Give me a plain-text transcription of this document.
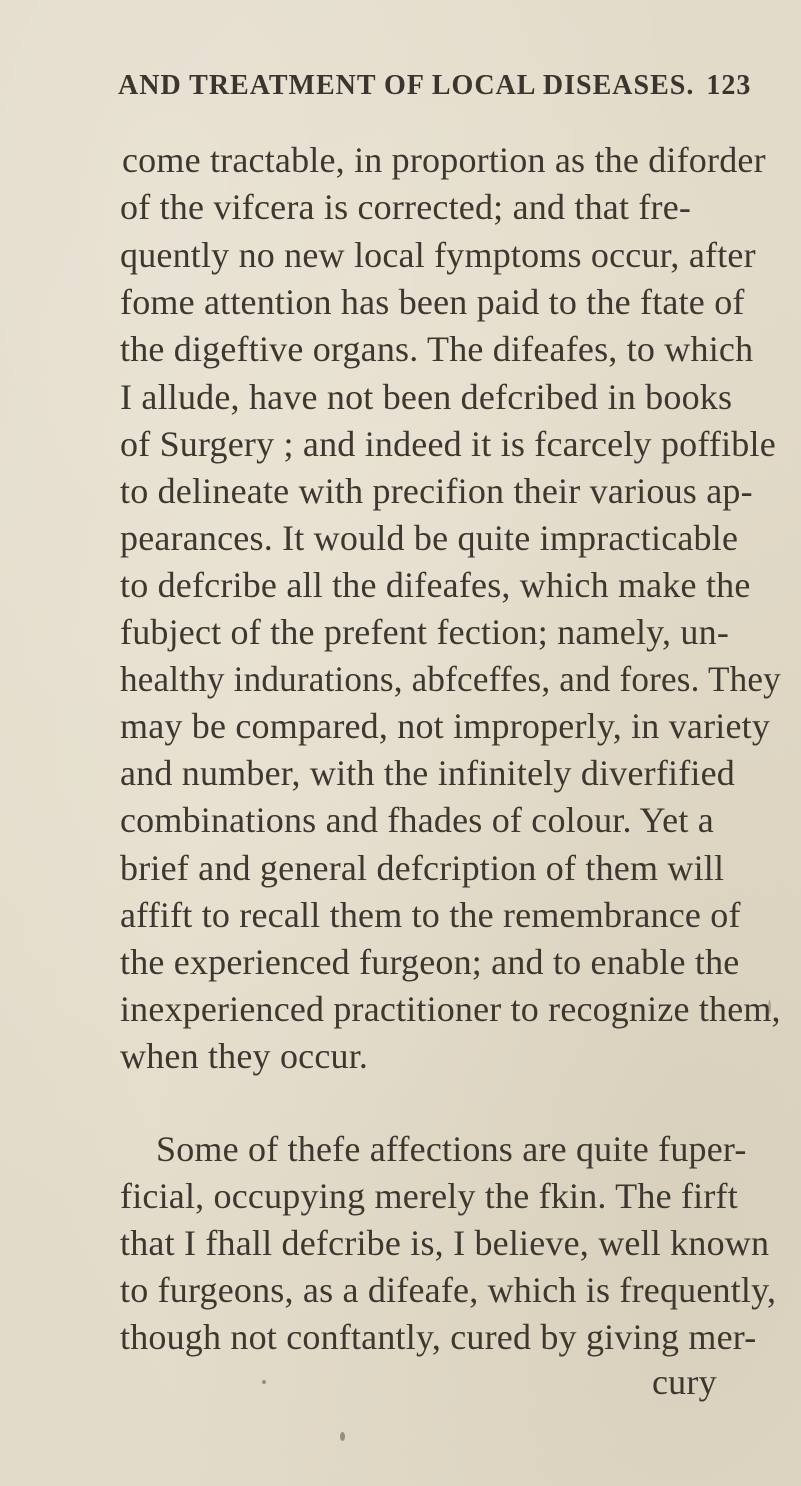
AND TREATMENT OF LOCAL DISEASES. 123
come tractable, in proportion as the diforder
of the vifcera is corrected; and that fre-
quently no new local fymptoms occur, after
fome attention has been paid to the ftate of
the digeftive organs. The difeafes, to which
I allude, have not been defcribed in books
of Surgery ; and indeed it is fcarcely poffible
to delineate with precifion their various ap-
pearances. It would be quite impracticable
to defcribe all the difeafes, which make the
fubject of the prefent fection; namely, un-
healthy indurations, abfceffes, and fores. They
may be compared, not improperly, in variety
and number, with the infinitely diverfified
combinations and fhades of colour. Yet a
brief and general defcription of them will
affift to recall them to the remembrance of
the experienced furgeon; and to enable the
inexperienced practitioner to recognize them,
when they occur.
Some of thefe affections are quite fuper-
ficial, occupying merely the fkin. The firft
that I fhall defcribe is, I believe, well known
to furgeons, as a difeafe, which is frequently,
though not conftantly, cured by giving mer-
cury
